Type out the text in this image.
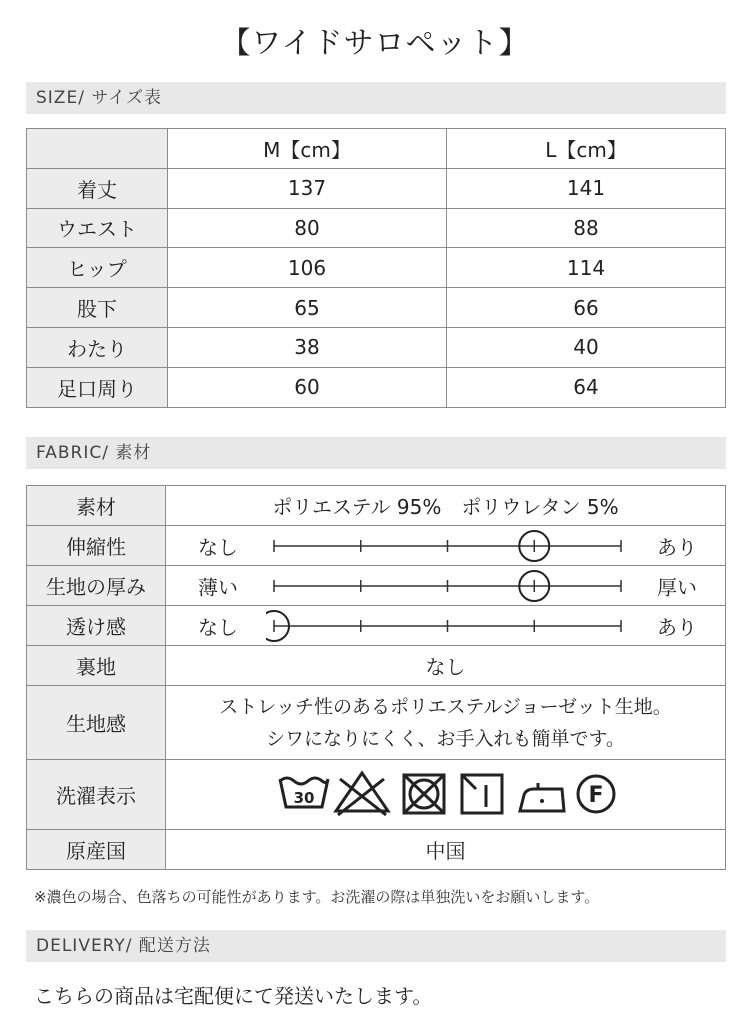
【ワイドサロペット】
SIZE/ サイズ表
	M【cm】	L【cm】
着丈	137	141
ウエスト	80	88
ヒップ	106	114
股下	65	66
わたり	38	40
足口周り	60	64
FABRIC/ 素材
素材	ポリエステル 95%　ポリウレタン 5%
伸縮性	なし あり

生地の厚み	薄い 厚い

透け感	なし あり

裏地	なし
生地感	ストレッチ性のあるポリエステルジョーゼット生地。
シワになりにくく、お手入れも簡単です。

洗濯表示	30 F

原産国	中国
※濃色の場合、色落ちの可能性があります。お洗濯の際は単独洗いをお願いします。
DELIVERY/ 配送方法
こちらの商品は宅配便にて発送いたします。
